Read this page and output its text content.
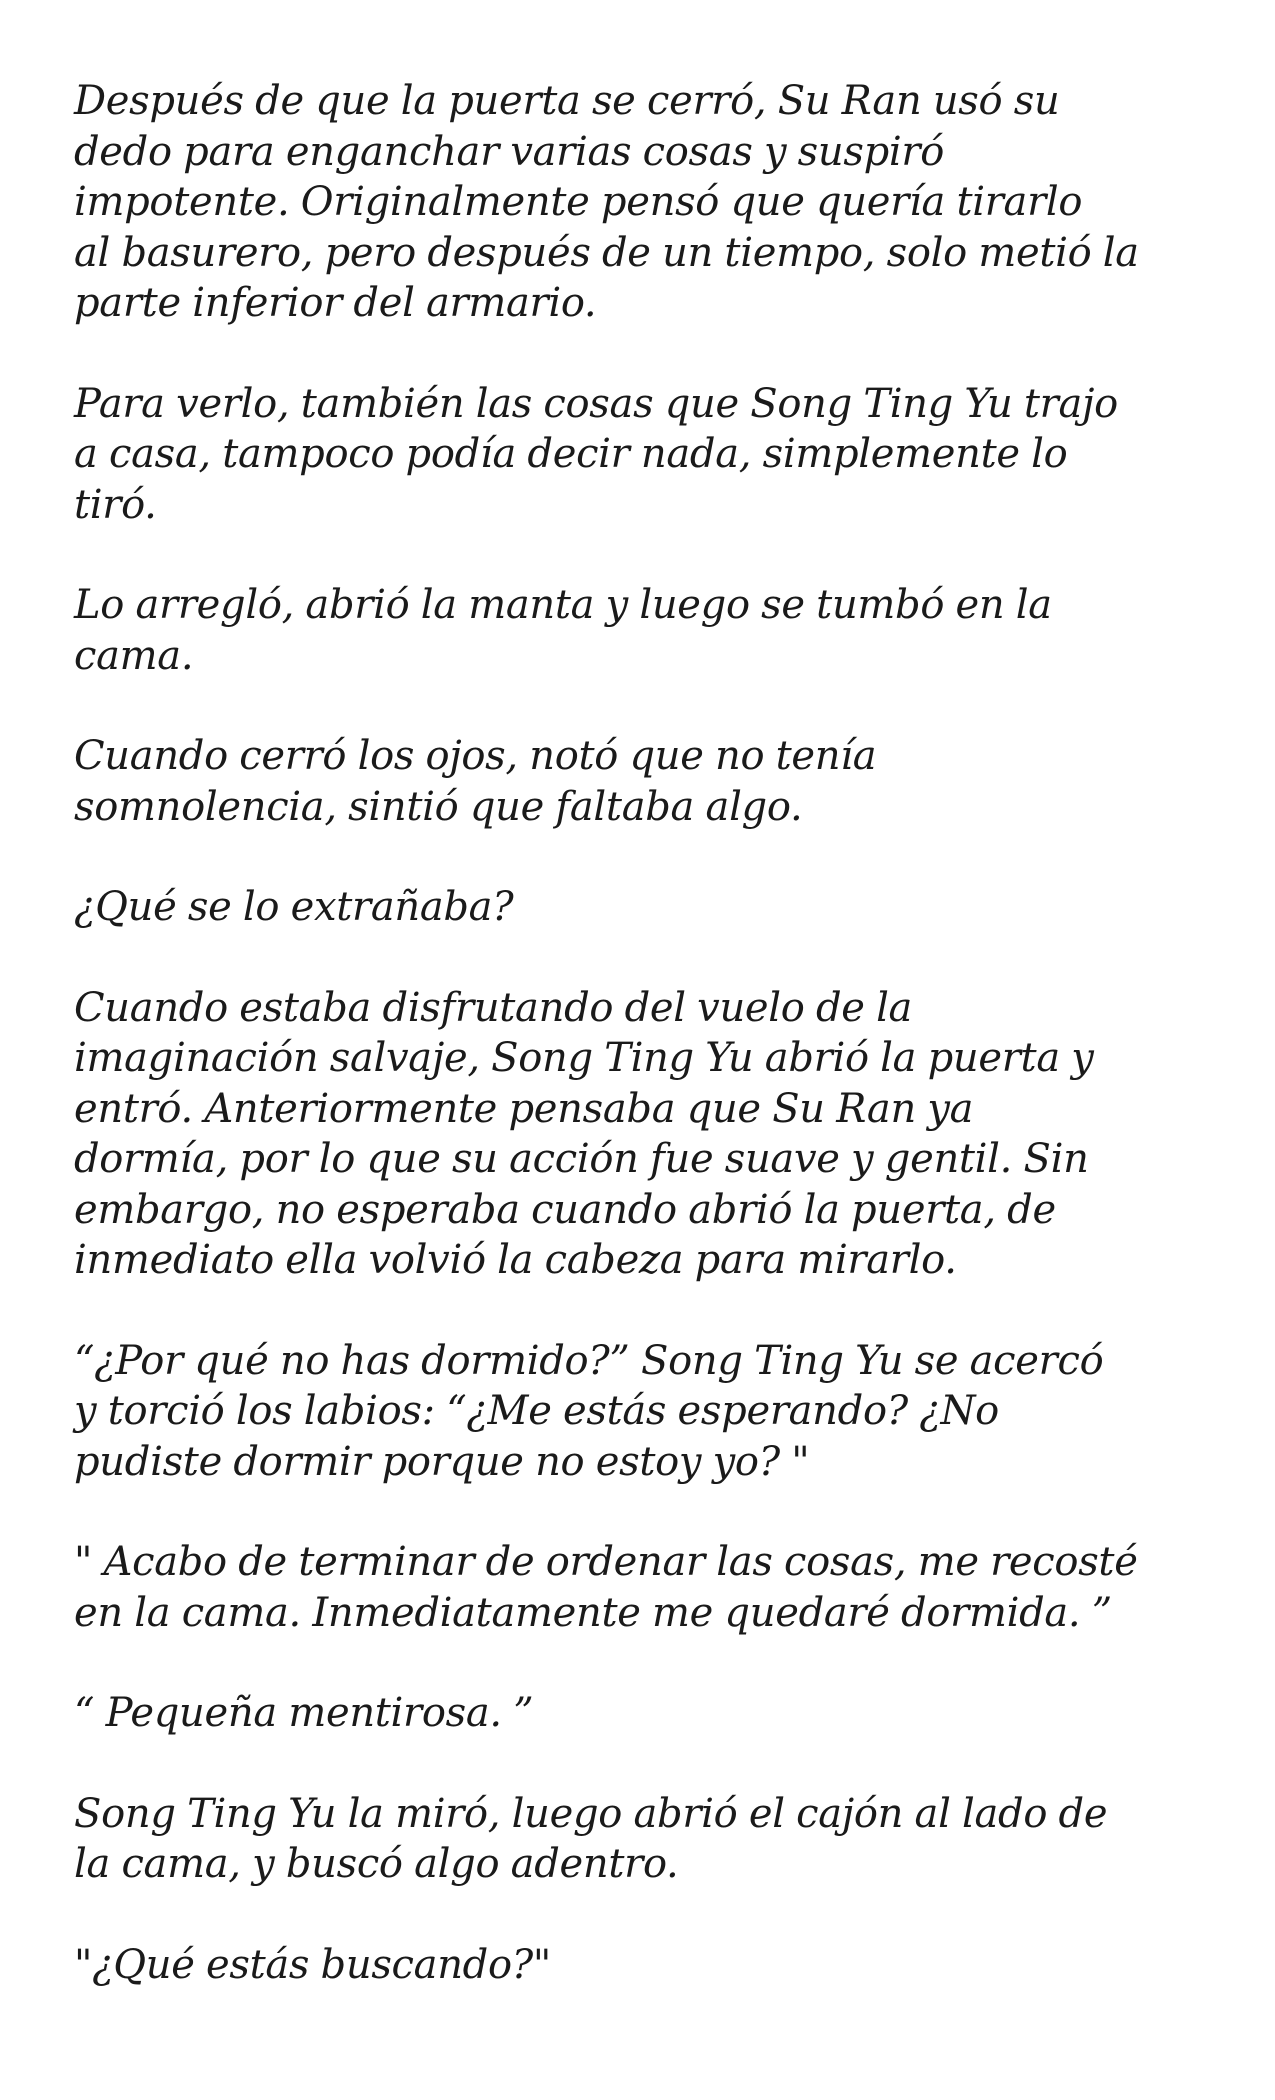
Después de que la puerta se cerró, Su Ran usó su
dedo para enganchar varias cosas y suspiró
impotente. Originalmente pensó que quería tirarlo
al basurero, pero después de un tiempo, solo metió la
parte inferior del armario.

Para verlo, también las cosas que Song Ting Yu trajo
a casa, tampoco podía decir nada, simplemente lo
tiró.

Lo arregló, abrió la manta y luego se tumbó en la
cama.

Cuando cerró los ojos, notó que no tenía
somnolencia, sintió que faltaba algo.

¿Qué se lo extrañaba?

Cuando estaba disfrutando del vuelo de la
imaginación salvaje, Song Ting Yu abrió la puerta y
entró. Anteriormente pensaba que Su Ran ya
dormía, por lo que su acción fue suave y gentil. Sin
embargo, no esperaba cuando abrió la puerta, de
inmediato ella volvió la cabeza para mirarlo.

“¿Por qué no has dormido?” Song Ting Yu se acercó
y torció los labios: “¿Me estás esperando? ¿No
pudiste dormir porque no estoy yo? "

" Acabo de terminar de ordenar las cosas, me recosté
en la cama. Inmediatamente me quedaré dormida. ”

“ Pequeña mentirosa. ”

Song Ting Yu la miró, luego abrió el cajón al lado de
la cama, y buscó algo adentro.

"¿Qué estás buscando?"
